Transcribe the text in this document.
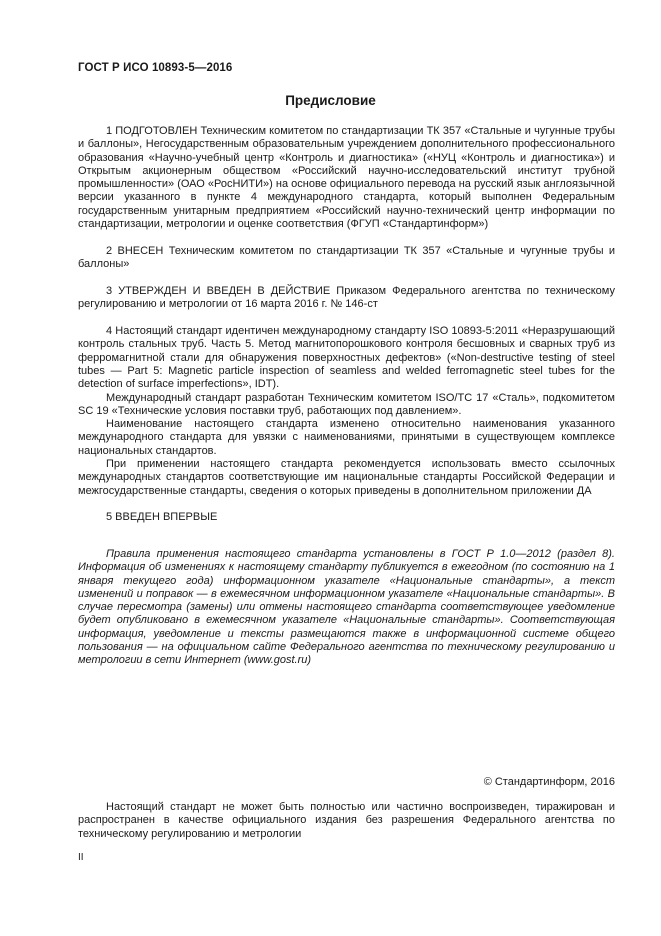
ГОСТ Р ИСО 10893-5—2016
Предисловие

1 ПОДГОТОВЛЕН Техническим комитетом по стандартизации ТК 357 «Стальные и чугунные трубы и баллоны», Негосударственным образовательным учреждением дополнительного профессионального образования «Научно-учебный центр «Контроль и диагностика» («НУЦ «Контроль и диагностика») и Открытым акционерным обществом «Российский научно-исследовательский институт трубной промышленности» (ОАО «РосНИТИ») на основе официального перевода на русский язык англоязычной версии указанного в пункте 4 международного стандарта, который выполнен Федеральным государственным унитарным предприятием «Российский научно-технический центр информации по стандартизации, метрологии и оценке соответствия (ФГУП «Стандартинформ»)

2 ВНЕСЕН Техническим комитетом по стандартизации ТК 357 «Стальные и чугунные трубы и баллоны»

3 УТВЕРЖДЕН И ВВЕДЕН В ДЕЙСТВИЕ Приказом Федерального агентства по техническому регулированию и метрологии от 16 марта 2016 г. № 146-ст

4 Настоящий стандарт идентичен международному стандарту ISO 10893-5:2011 «Неразрушающий контроль стальных труб. Часть 5. Метод магнитопорошкового контроля бесшовных и сварных труб из ферромагнитной стали для обнаружения поверхностных дефектов» («Non-destructive testing of steel tubes — Part 5: Magnetic particle inspection of seamless and welded ferromagnetic steel tubes for the detection of surface imperfections», IDT).

Международный стандарт разработан Техническим комитетом ISO/TC 17 «Сталь», подкомитетом SC 19 «Технические условия поставки труб, работающих под давлением».

Наименование настоящего стандарта изменено относительно наименования указанного международного стандарта для увязки с наименованиями, принятыми в существующем комплексе национальных стандартов.

При применении настоящего стандарта рекомендуется использовать вместо ссылочных международных стандартов соответствующие им национальные стандарты Российской Федерации и межгосударственные стандарты, сведения о которых приведены в дополнительном приложении ДА

5 ВВЕДЕН ВПЕРВЫЕ

Правила применения настоящего стандарта установлены в ГОСТ Р 1.0—2012 (раздел 8). Информация об изменениях к настоящему стандарту публикуется в ежегодном (по состоянию на 1 января текущего года) информационном указателе «Национальные стандарты», а текст изменений и поправок — в ежемесячном информационном указателе «Национальные стандарты». В случае пересмотра (замены) или отмены настоящего стандарта соответствующее уведомление будет опубликовано в ежемесячном указателе «Национальные стандарты». Соответствующая информация, уведомление и тексты размещаются также в информационной системе общего пользования — на официальном сайте Федерального агентства по техническому регулированию и метрологии в сети Интернет (www.gost.ru)

© Стандартинформ, 2016

Настоящий стандарт не может быть полностью или частично воспроизведен, тиражирован и распространен в качестве официального издания без разрешения Федерального агентства по техническому регулированию и метрологии

II
